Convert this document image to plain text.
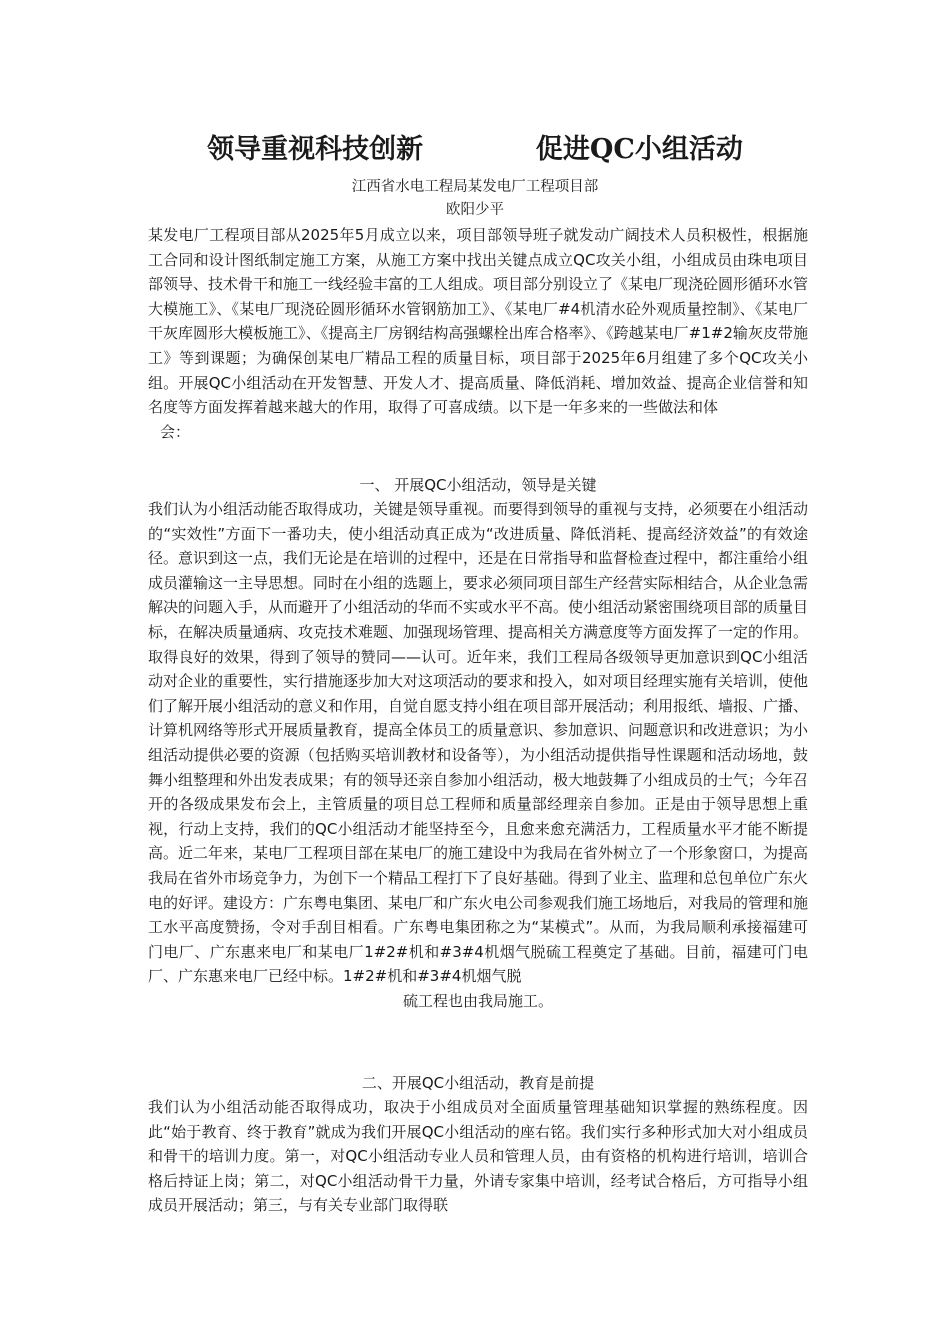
领导重视科技创新            促进QC小组活动
江西省水电工程局某发电厂工程项目部
欧阳少平
某发电厂工程项目部从2025年5月成立以来，项目部领导班子就发动广阔技术人员积极性，根据施工合同和设计图纸制定施工方案，从施工方案中找出关键点成立QC攻关小组，小组成员由珠电项目部领导、技术骨干和施工一线经验丰富的工人组成。项目部分别设立了《某电厂现浇砼圆形循环水管大模施工》、《某电厂现浇砼圆形循环水管钢筋加工》、《某电厂#4机清水砼外观质量控制》、《某电厂干灰库圆形大模板施工》、《提高主厂房钢结构高强螺栓出库合格率》、《跨越某电厂#1#2输灰皮带施工》等到课题；为确保创某电厂精品工程的质量目标，项目部于2025年6月组建了多个QC攻关小组。开展QC小组活动在开发智慧、开发人才、提高质量、降低消耗、增加效益、提高企业信誉和知名度等方面发挥着越来越大的作用，取得了可喜成绩。以下是一年多来的一些做法和体
会：
一、 开展QC小组活动，领导是关键
我们认为小组活动能否取得成功，关键是领导重视。而要得到领导的重视与支持，必须要在小组活动的“实效性”方面下一番功夫，使小组活动真正成为“改进质量、降低消耗、提高经济效益”的有效途径。意识到这一点，我们无论是在培训的过程中，还是在日常指导和监督检查过程中，都注重给小组成员灌输这一主导思想。同时在小组的选题上，要求必须同项目部生产经营实际相结合，从企业急需解决的问题入手，从而避开了小组活动的华而不实或水平不高。使小组活动紧密围绕项目部的质量目标，在解决质量通病、攻克技术难题、加强现场管理、提高相关方满意度等方面发挥了一定的作用。取得良好的效果，得到了领导的赞同——认可。近年来，我们工程局各级领导更加意识到QC小组活动对企业的重要性，实行措施逐步加大对这项活动的要求和投入，如对项目经理实施有关培训，使他们了解开展小组活动的意义和作用，自觉自愿支持小组在项目部开展活动；利用报纸、墙报、广播、计算机网络等形式开展质量教育，提高全体员工的质量意识、参加意识、问题意识和改进意识；为小组活动提供必要的资源（包括购买培训教材和设备等），为小组活动提供指导性课题和活动场地，鼓舞小组整理和外出发表成果；有的领导还亲自参加小组活动，极大地鼓舞了小组成员的士气；今年召开的各级成果发布会上，主管质量的项目总工程师和质量部经理亲自参加。正是由于领导思想上重视，行动上支持，我们的QC小组活动才能坚持至今，且愈来愈充满活力，工程质量水平才能不断提高。近二年来，某电厂工程项目部在某电厂的施工建设中为我局在省外树立了一个形象窗口，为提高我局在省外市场竞争力，为创下一个精品工程打下了良好基础。得到了业主、监理和总包单位广东火电的好评。建设方：广东粤电集团、某电厂和广东火电公司参观我们施工场地后，对我局的管理和施工水平高度赞扬，令对手刮目相看。广东粤电集团称之为“某模式”。从而，为我局顺利承接福建可门电厂、广东惠来电厂和某电厂1#2#机和#3#4机烟气脱硫工程奠定了基础。目前，福建可门电厂、广东惠来电厂已经中标。1#2#机和#3#4机烟气脱
硫工程也由我局施工。
二、开展QC小组活动，教育是前提
我们认为小组活动能否取得成功，取决于小组成员对全面质量管理基础知识掌握的熟练程度。因此“始于教育、终于教育”就成为我们开展QC小组活动的座右铭。我们实行多种形式加大对小组成员和骨干的培训力度。第一，对QC小组活动专业人员和管理人员，由有资格的机构进行培训，培训合格后持证上岗；第二，对QC小组活动骨干力量，外请专家集中培训，经考试合格后，方可指导小组成员开展活动；第三，与有关专业部门取得联
